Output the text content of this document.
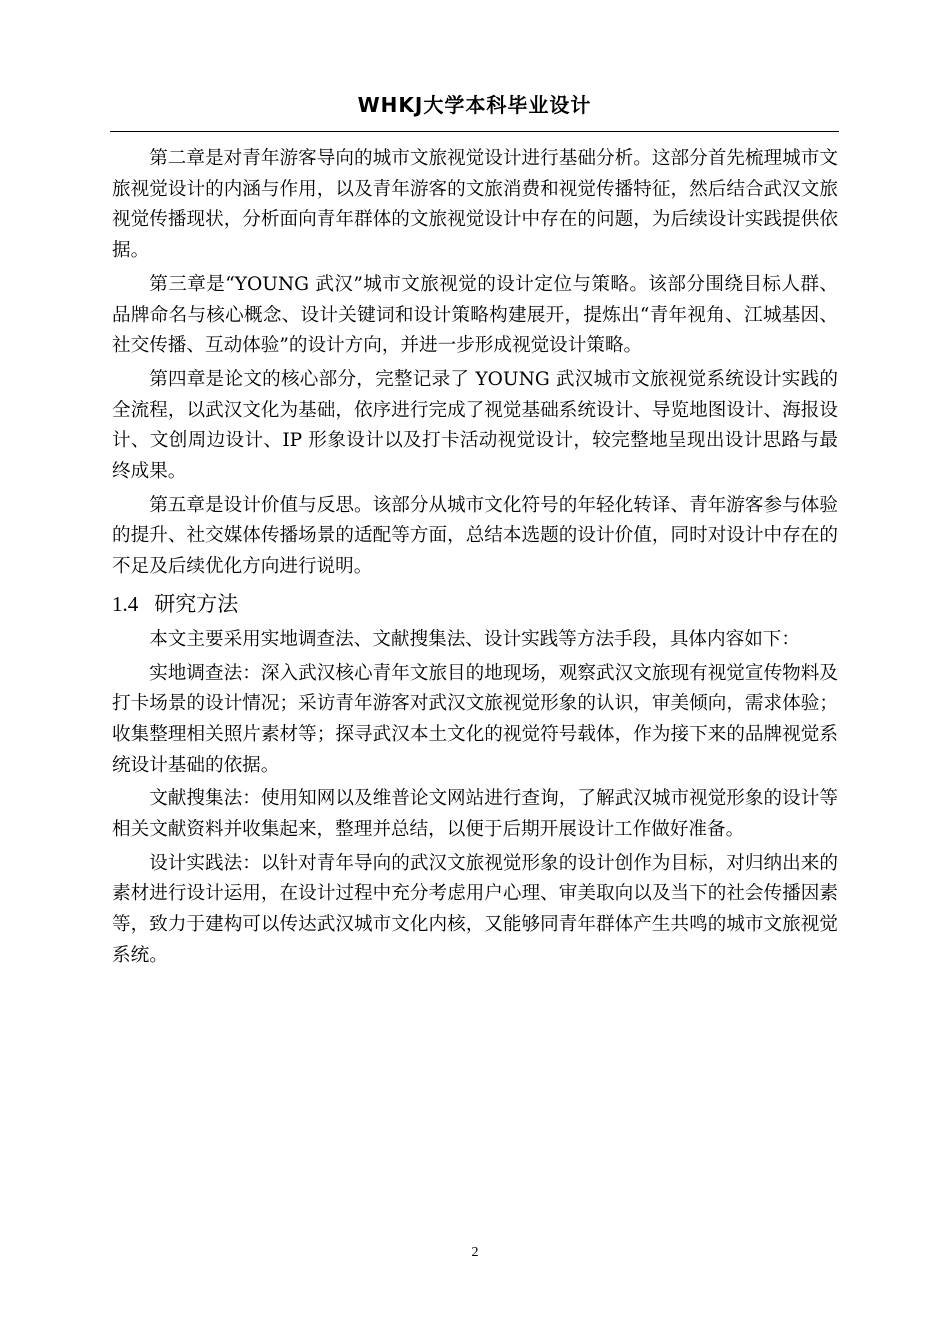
WHKJ大学本科毕业设计

第二章是对青年游客导向的城市文旅视觉设计进行基础分析。这部分首先梳理城市文旅视觉设计的内涵与作用，以及青年游客的文旅消费和视觉传播特征，然后结合武汉文旅视觉传播现状，分析面向青年群体的文旅视觉设计中存在的问题，为后续设计实践提供依据。

第三章是“YOUNG 武汉”城市文旅视觉的设计定位与策略。该部分围绕目标人群、品牌命名与核心概念、设计关键词和设计策略构建展开，提炼出“青年视角、江城基因、社交传播、互动体验”的设计方向，并进一步形成视觉设计策略。

第四章是论文的核心部分，完整记录了 YOUNG 武汉城市文旅视觉系统设计实践的全流程，以武汉文化为基础，依序进行完成了视觉基础系统设计、导览地图设计、海报设计、文创周边设计、IP 形象设计以及打卡活动视觉设计，较完整地呈现出设计思路与最终成果。

第五章是设计价值与反思。该部分从城市文化符号的年轻化转译、青年游客参与体验的提升、社交媒体传播场景的适配等方面，总结本选题的设计价值，同时对设计中存在的不足及后续优化方向进行说明。

1.4 研究方法

本文主要采用实地调查法、文献搜集法、设计实践等方法手段，具体内容如下：

实地调查法：深入武汉核心青年文旅目的地现场，观察武汉文旅现有视觉宣传物料及打卡场景的设计情况；采访青年游客对武汉文旅视觉形象的认识，审美倾向，需求体验；收集整理相关照片素材等；探寻武汉本土文化的视觉符号载体，作为接下来的品牌视觉系统设计基础的依据。

文献搜集法：使用知网以及维普论文网站进行查询，了解武汉城市视觉形象的设计等相关文献资料并收集起来，整理并总结，以便于后期开展设计工作做好准备。

设计实践法：以针对青年导向的武汉文旅视觉形象的设计创作为目标，对归纳出来的素材进行设计运用，在设计过程中充分考虑用户心理、审美取向以及当下的社会传播因素等，致力于建构可以传达武汉城市文化内核，又能够同青年群体产生共鸣的城市文旅视觉系统。

2
